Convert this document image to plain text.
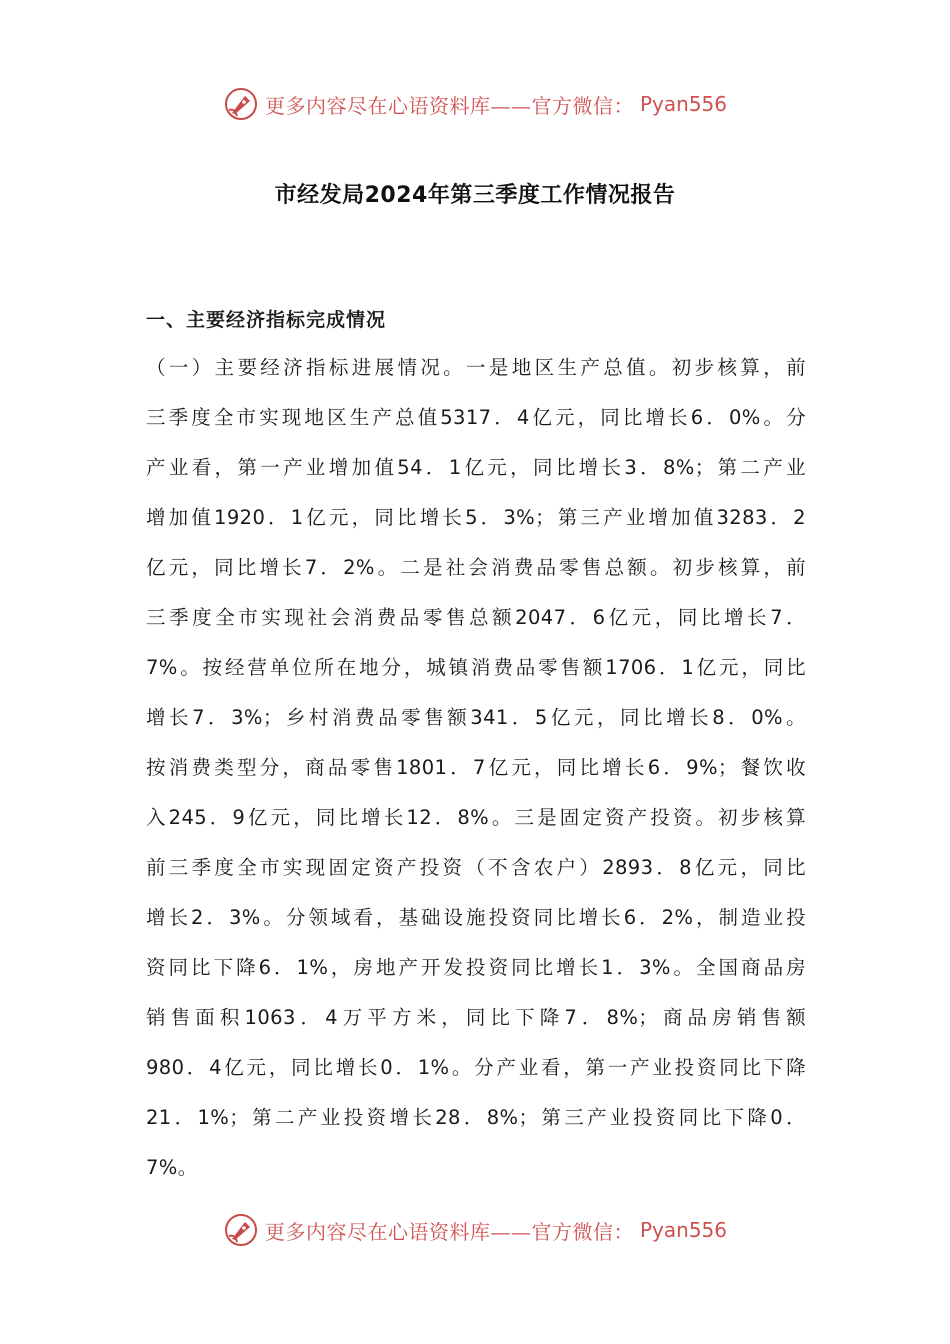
更多内容尽在心语资料库——官方微信： Pyan556
市经发局2024年第三季度工作情况报告
一、主要经济指标完成情况
（一）主要经济指标进展情况。一是地区生产总值。初步核算，前
三季度全市实现地区生产总值5317．4亿元，同比增长6．0%。分
产业看，第一产业增加值54．1亿元，同比增长3．8%；第二产业
增加值1920．1亿元，同比增长5．3%；第三产业增加值3283．2
亿元，同比增长7．2%。二是社会消费品零售总额。初步核算，前
三季度全市实现社会消费品零售总额2047．6亿元，同比增长7．
7%。按经营单位所在地分，城镇消费品零售额1706．1亿元，同比
增长7．3%；乡村消费品零售额341．5亿元，同比增长8．0%。
按消费类型分，商品零售1801．7亿元，同比增长6．9%；餐饮收
入245．9亿元，同比增长12．8%。三是固定资产投资。初步核算
前三季度全市实现固定资产投资（不含农户）2893．8亿元，同比
增长2．3%。分领域看，基础设施投资同比增长6．2%，制造业投
资同比下降6．1%，房地产开发投资同比增长1．3%。全国商品房
销售面积1063．4万平方米，同比下降7．8%；商品房销售额
980．4亿元，同比增长0．1%。分产业看，第一产业投资同比下降
21．1%；第二产业投资增长28．8%；第三产业投资同比下降0．
7%。
更多内容尽在心语资料库——官方微信： Pyan556
